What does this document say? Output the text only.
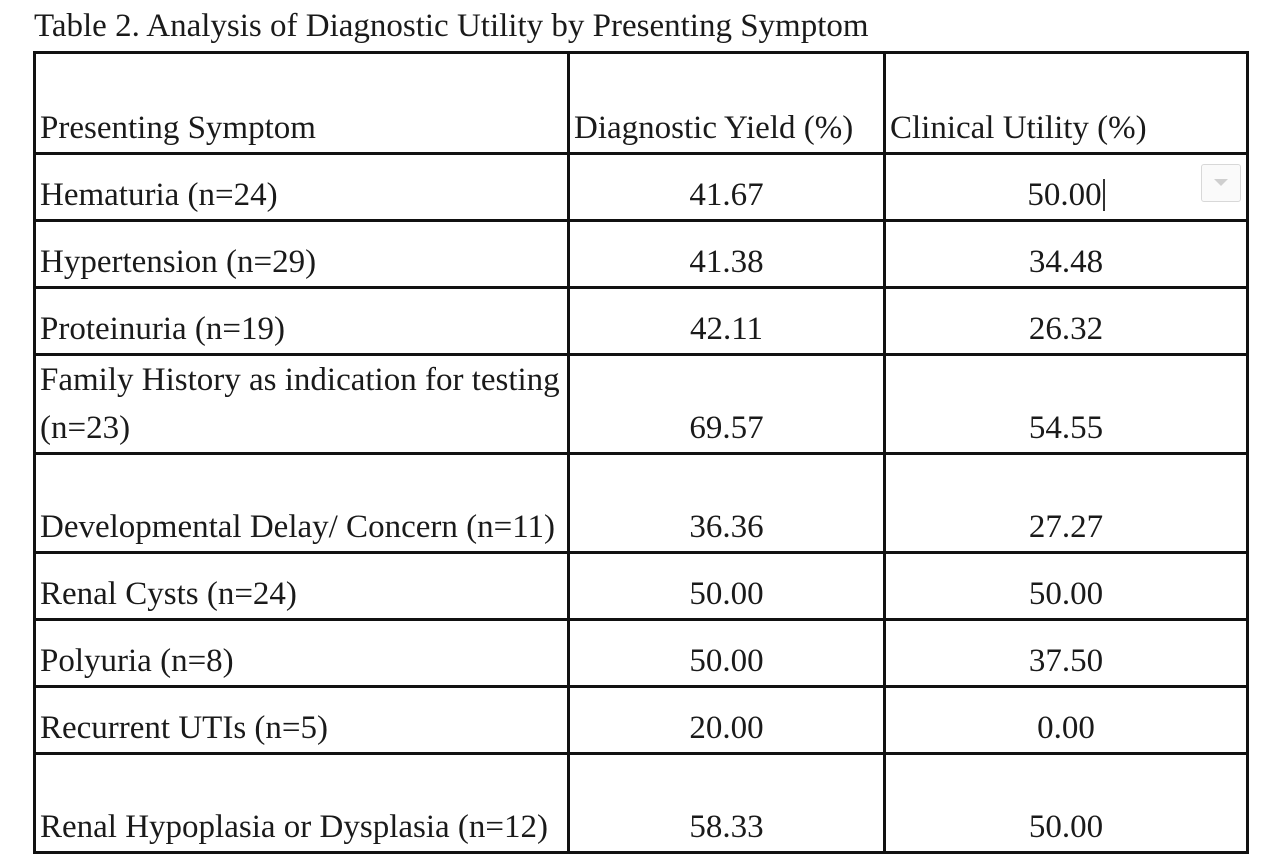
Table 2. Analysis of Diagnostic Utility by Presenting Symptom
Presenting Symptom	Diagnostic Yield (%)	Clinical Utility (%)

Hematuria (n=24)	41.67	50.00
Hypertension (n=29)	41.38	34.48
Proteinuria (n=19)	42.11	26.32
Family History as indication for testing (n=23)	69.57	54.55
Developmental Delay/ Concern (n=11)	36.36	27.27
Renal Cysts (n=24)	50.00	50.00
Polyuria (n=8)	50.00	37.50
Recurrent UTIs (n=5)	20.00	0.00
Renal Hypoplasia or Dysplasia (n=12)	58.33	50.00
